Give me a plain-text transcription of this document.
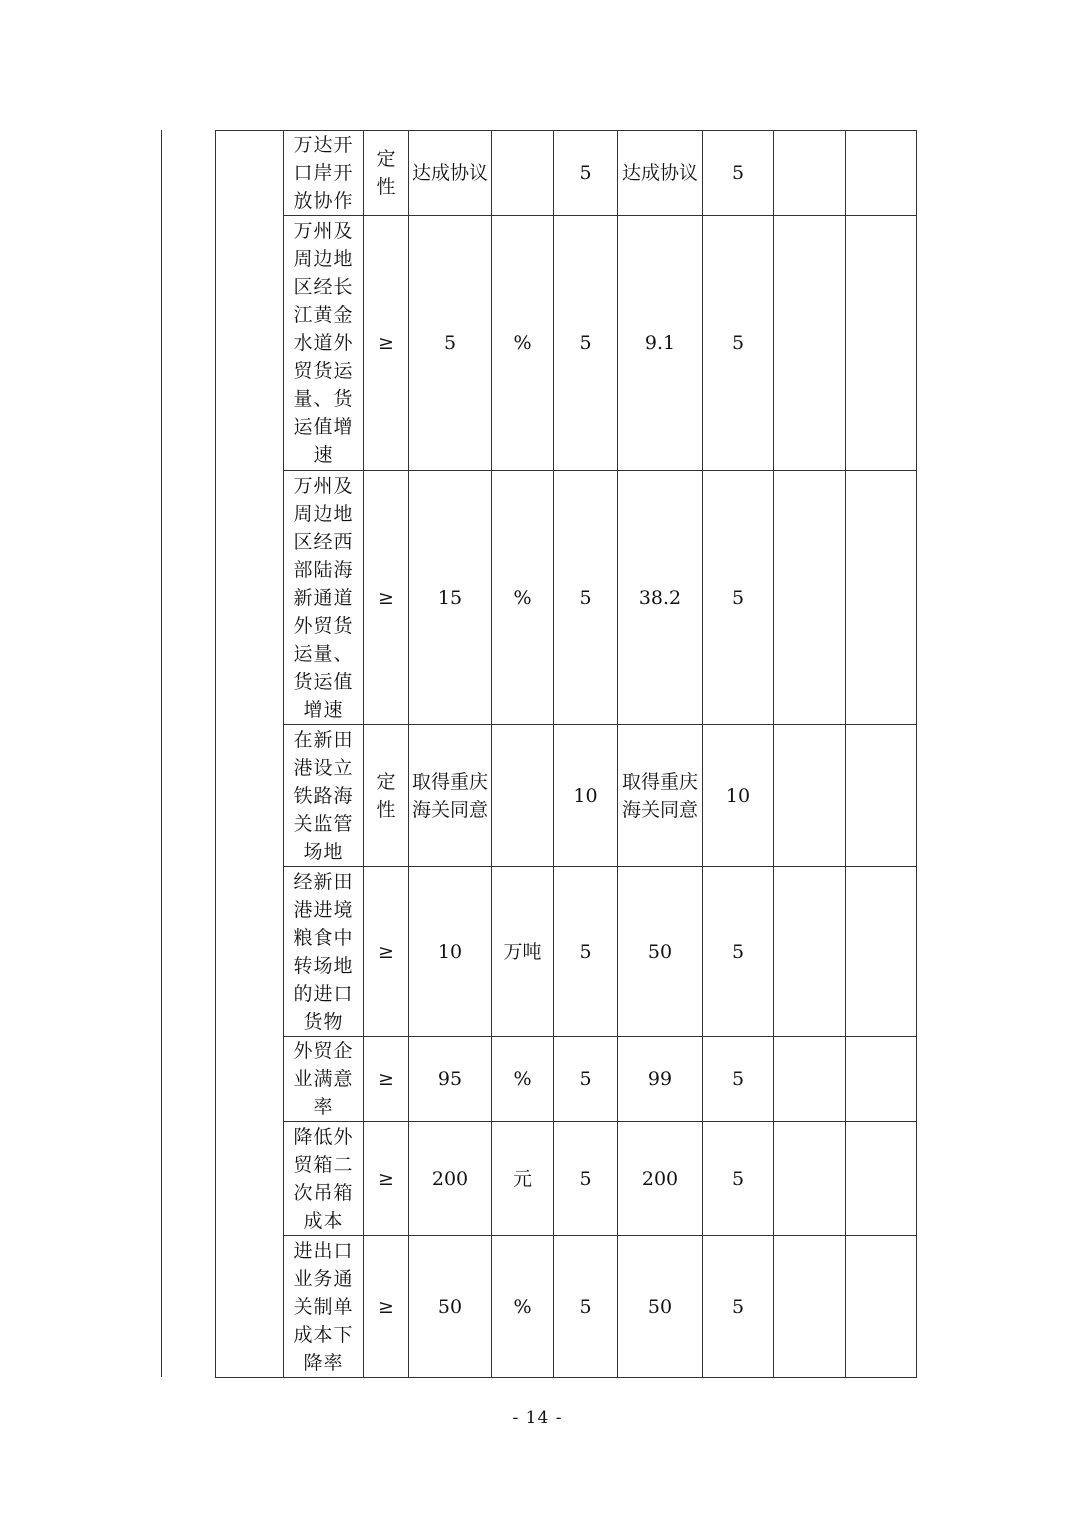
	万达开口岸开放协作	定性	达成协议		5	达成协议	5		
	万州及周边地区经长江黄金水道外贸货运量、货运值增速	≥	5	%	5	9.1	5		
	万州及周边地区经西部陆海新通道外贸货运量、货运值增速	≥	15	%	5	38.2	5		
	在新田港设立铁路海关监管场地	定性	取得重庆海关同意		10	取得重庆海关同意	10		
	经新田港进境粮食中转场地的进口货物	≥	10	万吨	5	50	5		
	外贸企业满意率	≥	95	%	5	99	5		
	降低外贸箱二次吊箱成本	≥	200	元	5	200	5		
	进出口业务通关制单成本下降率	≥	50	%	5	50	5		
- 14 -
